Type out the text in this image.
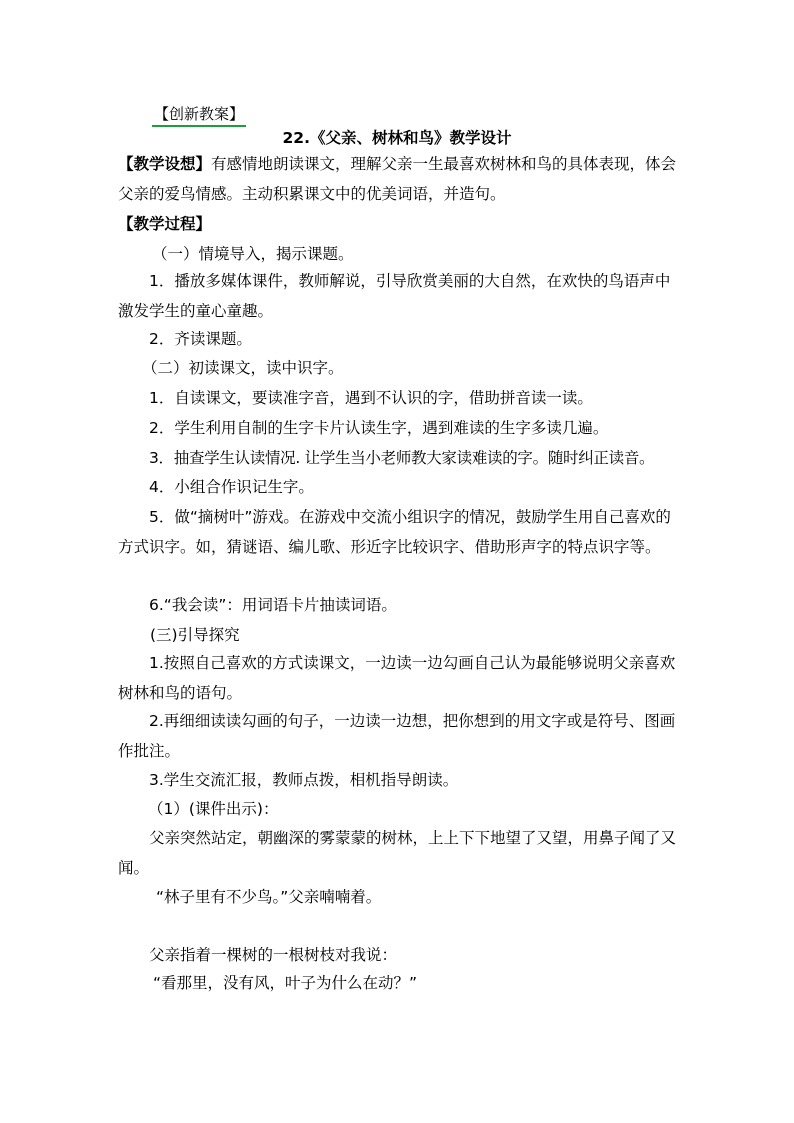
【创新教案】
22.《父亲、树林和鸟》教学设计

【教学设想】有感情地朗读课文，理解父亲一生最喜欢树林和鸟的具体表现，体会父亲的爱鸟情感。主动积累课文中的优美词语，并造句。

【教学过程】

（一）情境导入，揭示课题。

1．播放多媒体课件，教师解说，引导欣赏美丽的大自然，在欢快的鸟语声中激发学生的童心童趣。

2．齐读课题。

（二）初读课文，读中识字。

1．自读课文，要读准字音，遇到不认识的字，借助拼音读一读。

2．学生利用自制的生字卡片认读生字，遇到难读的生字多读几遍。

3．抽查学生认读情况. 让学生当小老师教大家读难读的字。随时纠正读音。

4．小组合作识记生字。

5．做“摘树叶”游戏。在游戏中交流小组识字的情况，鼓励学生用自己喜欢的方式识字。如，猜谜语、编儿歌、形近字比较识字、借助形声字的特点识字等。

6.“我会读”：用词语卡片抽读词语。

(三)引导探究

1.按照自己喜欢的方式读课文，一边读一边勾画自己认为最能够说明父亲喜欢树林和鸟的语句。

2.再细细读读勾画的句子，一边读一边想，把你想到的用文字或是符号、图画作批注。

3.学生交流汇报，教师点拨，相机指导朗读。

（1）(课件出示)：

父亲突然站定，朝幽深的雾蒙蒙的树林，上上下下地望了又望，用鼻子闻了又闻。

“林子里有不少鸟。”父亲喃喃着。

父亲指着一棵树的一根树枝对我说：

“看那里，没有风，叶子为什么在动？”
